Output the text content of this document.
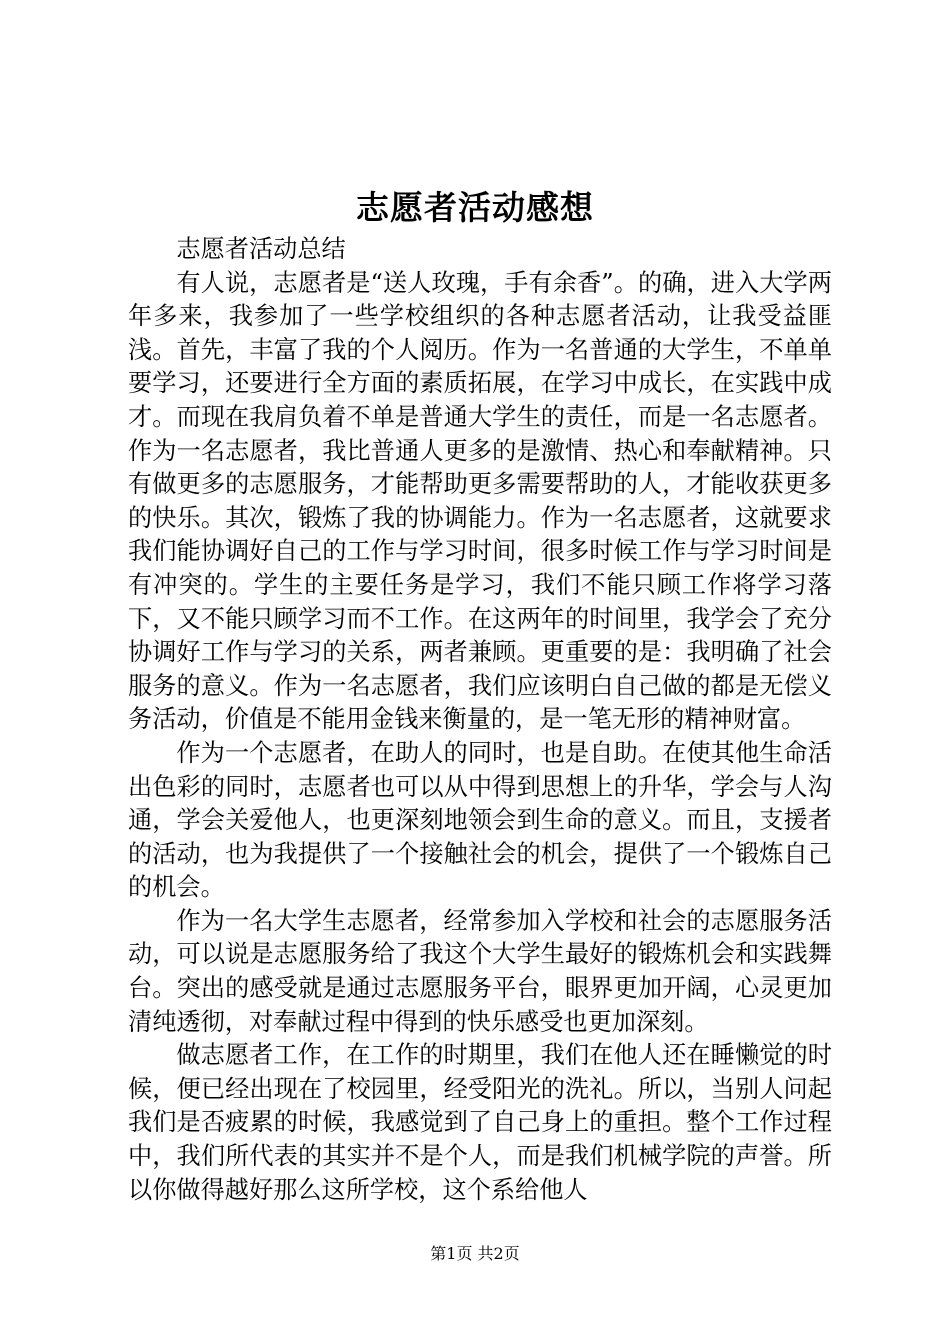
志愿者活动感想

志愿者活动总结

有人说，志愿者是“送人玫瑰，手有余香”。的确，进入大学两年多来，我参加了一些学校组织的各种志愿者活动，让我受益匪浅。首先，丰富了我的个人阅历。作为一名普通的大学生，不单单要学习，还要进行全方面的素质拓展，在学习中成长，在实践中成才。而现在我肩负着不单是普通大学生的责任，而是一名志愿者。作为一名志愿者，我比普通人更多的是激情、热心和奉献精神。只有做更多的志愿服务，才能帮助更多需要帮助的人，才能收获更多的快乐。其次，锻炼了我的协调能力。作为一名志愿者，这就要求我们能协调好自己的工作与学习时间，很多时候工作与学习时间是有冲突的。学生的主要任务是学习，我们不能只顾工作将学习落下，又不能只顾学习而不工作。在这两年的时间里，我学会了充分协调好工作与学习的关系，两者兼顾。更重要的是：我明确了社会服务的意义。作为一名志愿者，我们应该明白自己做的都是无偿义务活动，价值是不能用金钱来衡量的，是一笔无形的精神财富。

作为一个志愿者，在助人的同时，也是自助。在使其他生命活出色彩的同时，志愿者也可以从中得到思想上的升华，学会与人沟通，学会关爱他人，也更深刻地领会到生命的意义。而且，支援者的活动，也为我提供了一个接触社会的机会，提供了一个锻炼自己的机会。

作为一名大学生志愿者，经常参加入学校和社会的志愿服务活动，可以说是志愿服务给了我这个大学生最好的锻炼机会和实践舞台。突出的感受就是通过志愿服务平台，眼界更加开阔，心灵更加清纯透彻，对奉献过程中得到的快乐感受也更加深刻。

做志愿者工作，在工作的时期里，我们在他人还在睡懒觉的时候，便已经出现在了校园里，经受阳光的洗礼。所以，当别人问起我们是否疲累的时候，我感觉到了自己身上的重担。整个工作过程中，我们所代表的其实并不是个人，而是我们机械学院的声誉。所以你做得越好那么这所学校，这个系给他人

第1页 共2页
